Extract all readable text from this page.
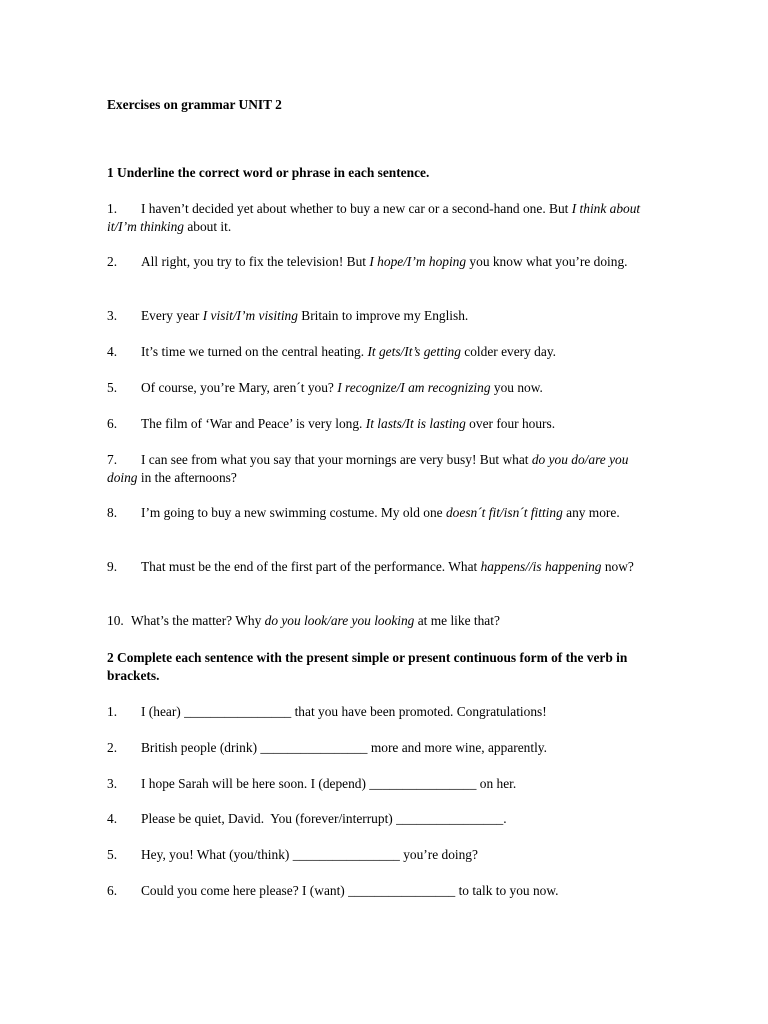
Exercises on grammar UNIT 2
1 Underline the correct word or phrase in each sentence.
1. I haven’t decided yet about whether to buy a new car or a second-hand one. But I think about it/I’m thinking about it.
2. All right, you try to fix the television! But I hope/I’m hoping you know what you’re doing.
3. Every year I visit/I’m visiting Britain to improve my English.
4. It’s time we turned on the central heating. It gets/It’s getting colder every day.
5. Of course, you’re Mary, aren´t you? I recognize/I am recognizing you now.
6. The film of ‘War and Peace’ is very long. It lasts/It is lasting over four hours.
7. I can see from what you say that your mornings are very busy! But what do you do/are you doing in the afternoons?
8. I’m going to buy a new swimming costume. My old one doesn´t fit/isn´t fitting any more.
9. That must be the end of the first part of the performance. What happens//is happening now?
10. What’s the matter? Why do you look/are you looking at me like that?
2 Complete each sentence with the present simple or present continuous form of the verb in brackets.
1. I (hear) ________________ that you have been promoted. Congratulations!
2. British people (drink) ________________ more and more wine, apparently.
3. I hope Sarah will be here soon. I (depend) ________________ on her.
4. Please be quiet, David.  You (forever/interrupt) ________________.
5. Hey, you! What (you/think) ________________ you’re doing?
6. Could you come here please? I (want) ________________ to talk to you now.
